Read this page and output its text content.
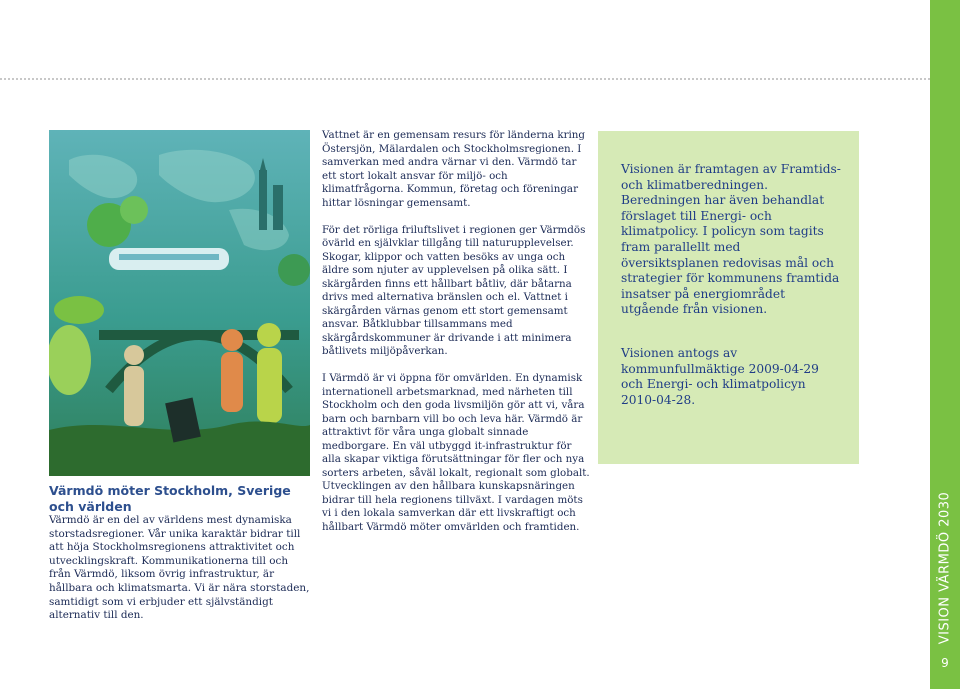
VISION VÄRMDÖ 2030
9
Värmdö möter Stockholm, Sverige och världen
Värmdö är en del av världens mest dynamiska storstadsregioner. Vår unika karaktär bidrar till att höja Stockholmsregionens attraktivitet och utvecklingskraft. Kommunikationerna till och från Värmdö, liksom övrig infrastruktur, är hållbara och klimatsmarta. Vi är nära storstaden, samtidigt som vi erbjuder ett självständigt alternativ till den.

Vattnet är en gemensam resurs för länderna kring Östersjön, Mälardalen och Stockholmsregionen. I samverkan med andra värnar vi den. Värmdö tar ett stort lokalt ansvar för miljö- och klimatfrågorna. Kommun, företag och föreningar hittar lösningar gemensamt.

För det rörliga friluftslivet i regionen ger Värmdös övärld en självklar tillgång till naturupplevelser. Skogar, klippor och vatten besöks av unga och äldre som njuter av upplevelsen på olika sätt. I skärgården finns ett hållbart båtliv, där båtarna drivs med alternativa bränslen och el. Vattnet i skärgården värnas genom ett stort gemensamt ansvar. Båtklubbar tillsammans med skärgårdskommuner är drivande i att minimera båtlivets miljöpåverkan.

I Värmdö är vi öppna för omvärlden. En dynamisk internationell arbetsmarknad, med närheten till Stockholm och den goda livsmiljön gör att vi, våra barn och barnbarn vill bo och leva här. Värmdö är attraktivt för våra unga globalt sinnade medborgare. En väl utbyggd it-infrastruktur för alla skapar viktiga förutsättningar för fler och nya sorters arbeten, såväl lokalt, regionalt som globalt. Utvecklingen av den hållbara kunskapsnäringen bidrar till hela regionens tillväxt. I vardagen möts vi i den lokala samverkan där ett livskraftigt och hållbart Värmdö möter omvärlden och framtiden.

Visionen är framtagen av Framtids- och klimatberedningen. Beredningen har även behandlat förslaget till Energi- och klimatpolicy. I policyn som tagits fram parallellt med översiktsplanen redovisas mål och strategier för kommunens framtida insatser på energiområdet utgående från visionen.
Visionen antogs av kommunfullmäktige 2009-04-29 och Energi- och klimatpolicyn 2010-04-28.
